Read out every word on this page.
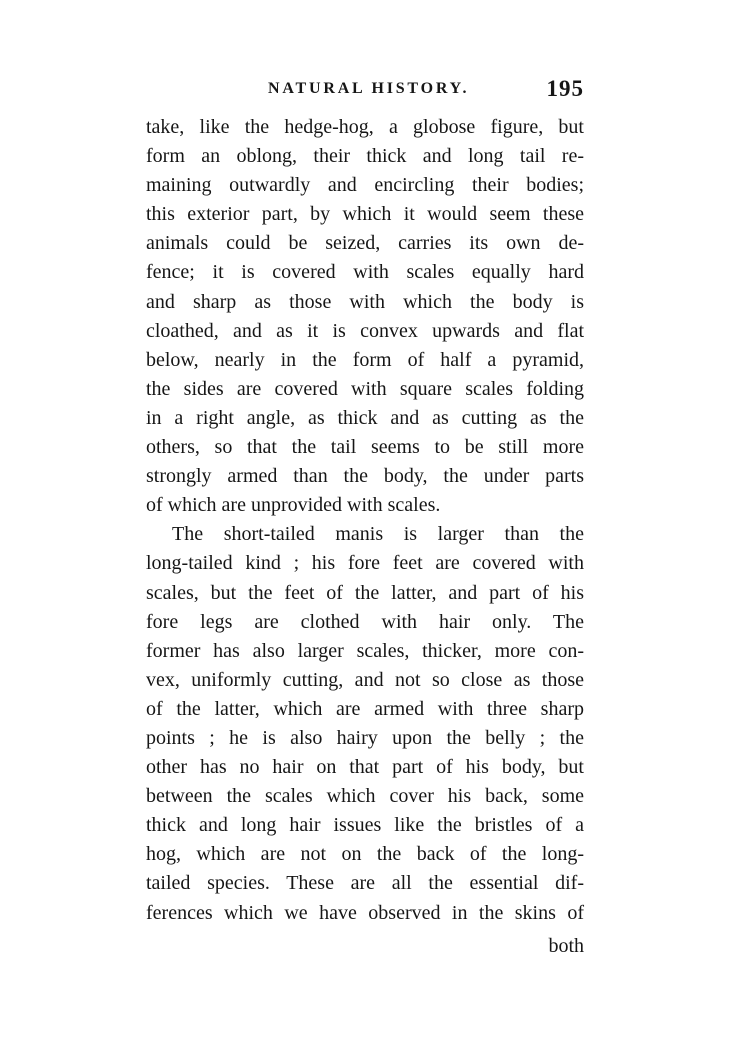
NATURAL HISTORY.	195
take, like the hedge-hog, a globose figure, but
form an oblong, their thick and long tail re-
maining outwardly and encircling their bodies;
this exterior part, by which it would seem these
animals could be seized, carries its own de-
fence; it is covered with scales equally hard
and sharp as those with which the body is
cloathed, and as it is convex upwards and flat
below, nearly in the form of half a pyramid,
the sides are covered with square scales folding
in a right angle, as thick and as cutting as the
others, so that the tail seems to be still more
strongly armed than the body, the under parts
of which are unprovided with scales.
The short-tailed manis is larger than the
long-tailed kind ; his fore feet are covered with
scales, but the feet of the latter, and part of his
fore legs are clothed with hair only. The
former has also larger scales, thicker, more con-
vex, uniformly cutting, and not so close as those
of the latter, which are armed with three sharp
points ; he is also hairy upon the belly ; the
other has no hair on that part of his body, but
between the scales which cover his back, some
thick and long hair issues like the bristles of a
hog, which are not on the back of the long-
tailed species. These are all the essential dif-
ferences which we have observed in the skins of
both
